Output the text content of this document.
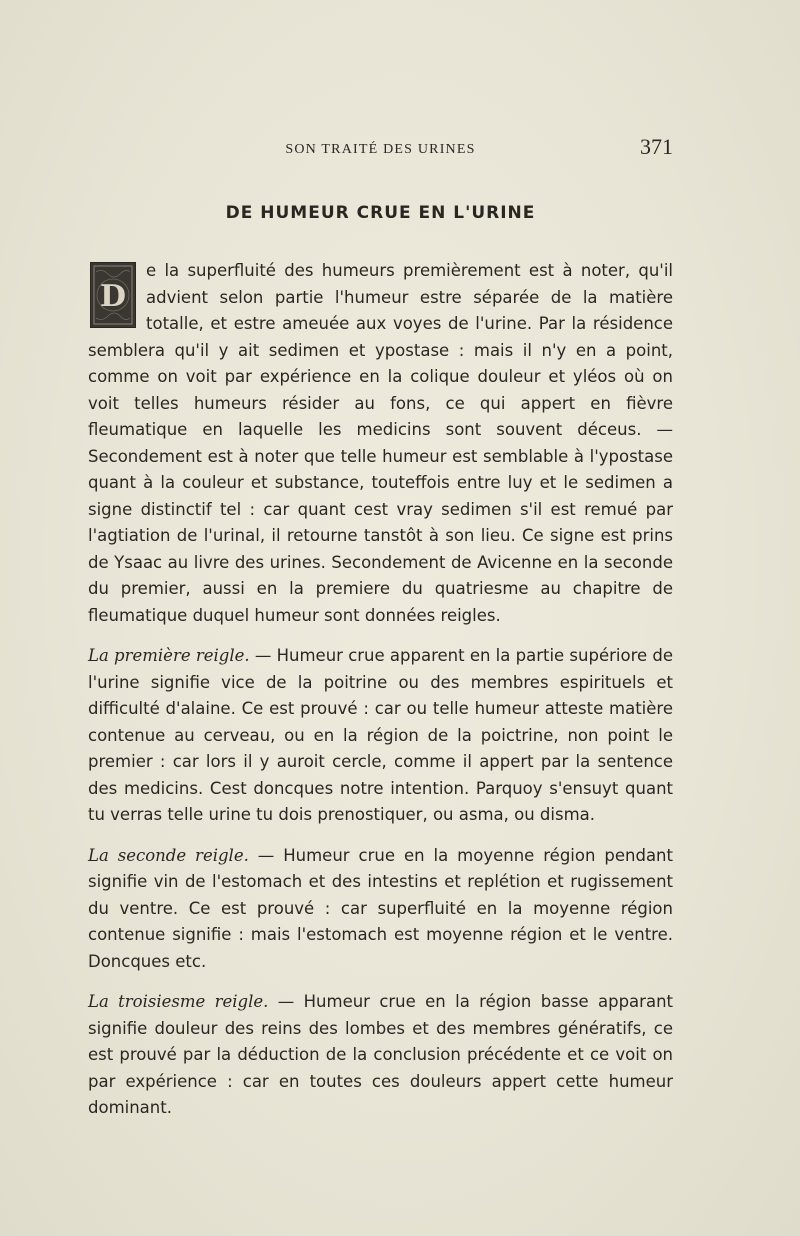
SON TRAITÉ DES URINES	371
DE HUMEUR CRUE EN L'URINE

D
e la superfluité des humeurs premièrement est à noter, qu'il advient selon partie l'humeur estre séparée de la matière totalle, et estre ameuée aux voyes de l'urine. Par la résidence semblera qu'il y ait sedimen et ypostase : mais il n'y en a point, comme on voit par expérience en la colique douleur et yléos où on voit telles humeurs résider au fons, ce qui appert en fièvre fleumatique en laquelle les medicins sont souvent déceus. — Secondement est à noter que telle humeur est semblable à l'ypostase quant à la couleur et substance, touteffois entre luy et le sedimen a signe distinctif tel : car quant cest vray sedimen s'il est remué par l'agtiation de l'urinal, il retourne tanstôt à son lieu. Ce signe est prins de Ysaac au livre des urines. Secondement de Avicenne en la seconde du premier, aussi en la premiere du quatriesme au chapitre de fleumatique duquel humeur sont données reigles.

La première reigle. — Humeur crue apparent en la partie supériore de l'urine signifie vice de la poitrine ou des membres espirituels et difficulté d'alaine. Ce est prouvé : car ou telle humeur atteste matière contenue au cerveau, ou en la région de la poictrine, non point le premier : car lors il y auroit cercle, comme il appert par la sentence des medicins. Cest doncques notre intention. Parquoy s'ensuyt quant tu verras telle urine tu dois prenostiquer, ou asma, ou disma.

La seconde reigle. — Humeur crue en la moyenne région pendant signifie vin de l'estomach et des intestins et replétion et rugissement du ventre. Ce est prouvé : car superfluité en la moyenne région contenue signifie : mais l'estomach est moyenne région et le ventre. Doncques etc.

La troisiesme reigle. — Humeur crue en la région basse apparant signifie douleur des reins des lombes et des membres génératifs, ce est prouvé par la déduction de la conclusion précédente et ce voit on par expérience : car en toutes ces douleurs appert cette humeur dominant.
